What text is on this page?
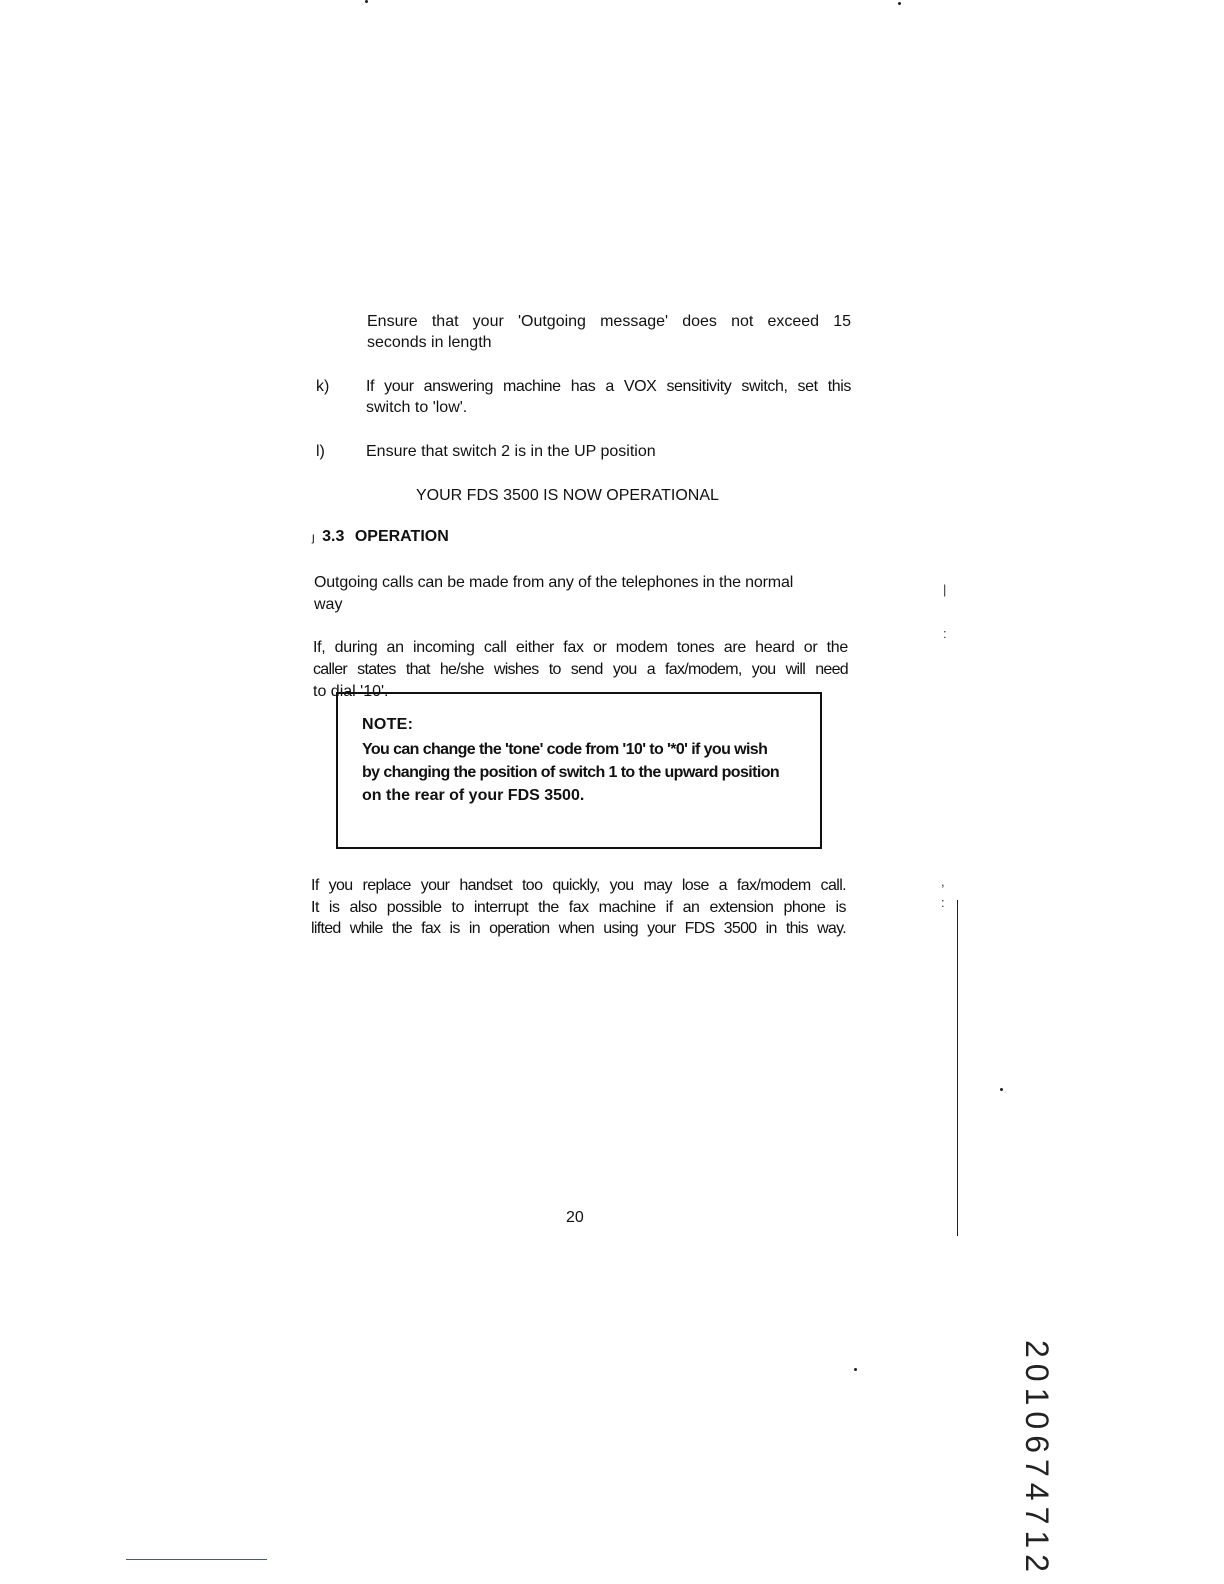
Ensure that your 'Outgoing message' does not exceed 15
seconds in length
k) If your answering machine has a VOX sensitivity switch, set this
switch to 'low'.
l)	Ensure that switch 2 is in the UP position
YOUR FDS 3500 IS NOW OPERATIONAL
ȷ 3.3 OPERATION
Outgoing calls can be made from any of the telephones in the normal
way
If, during an incoming call either fax or modem tones are heard or the
caller states that he/she wishes to send you a fax/modem, you will need
to dial '10'.
NOTE:
You can change the 'tone' code from '10' to '*0' if you wish
by changing the position of switch 1 to the upward position
on the rear of your FDS 3500.
If you replace your handset too quickly, you may lose a fax/modem call.
It is also possible to interrupt the fax machine if an extension phone is
lifted while the fax is in operation when using your FDS 3500 in this way.
20
|
:
,
:
2010674712
